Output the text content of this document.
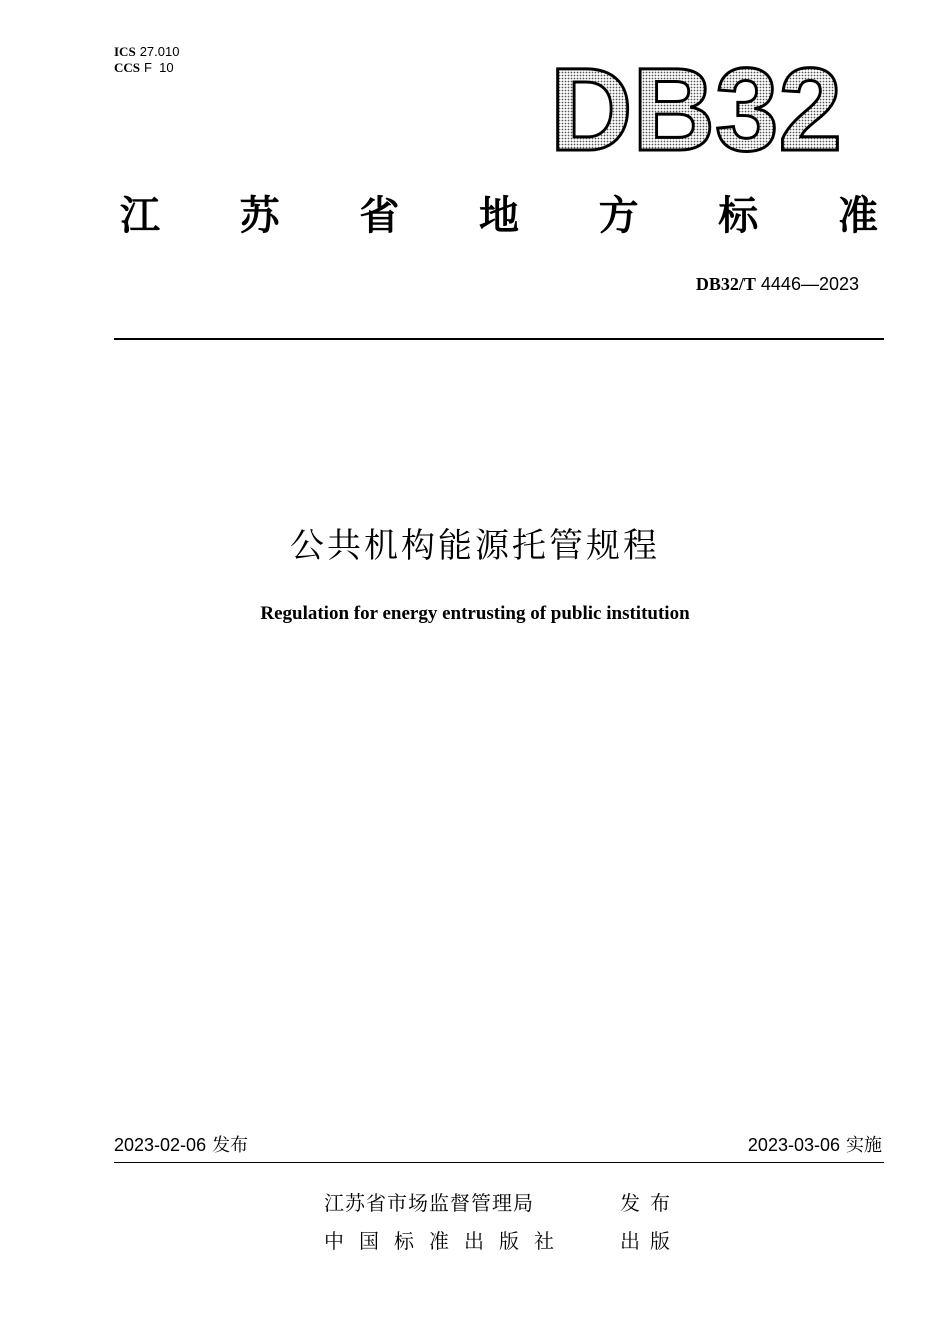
ICS 27.010
CCS F  10	DB32
江 苏 省 地 方 标 准
DB32/T 4446—2023
公共机构能源托管规程
Regulation for energy entrusting of public institution
2023-02-06 发布	2023-03-06 实施
江苏省市场监督管理局	发布
中国标准出版社	出版
